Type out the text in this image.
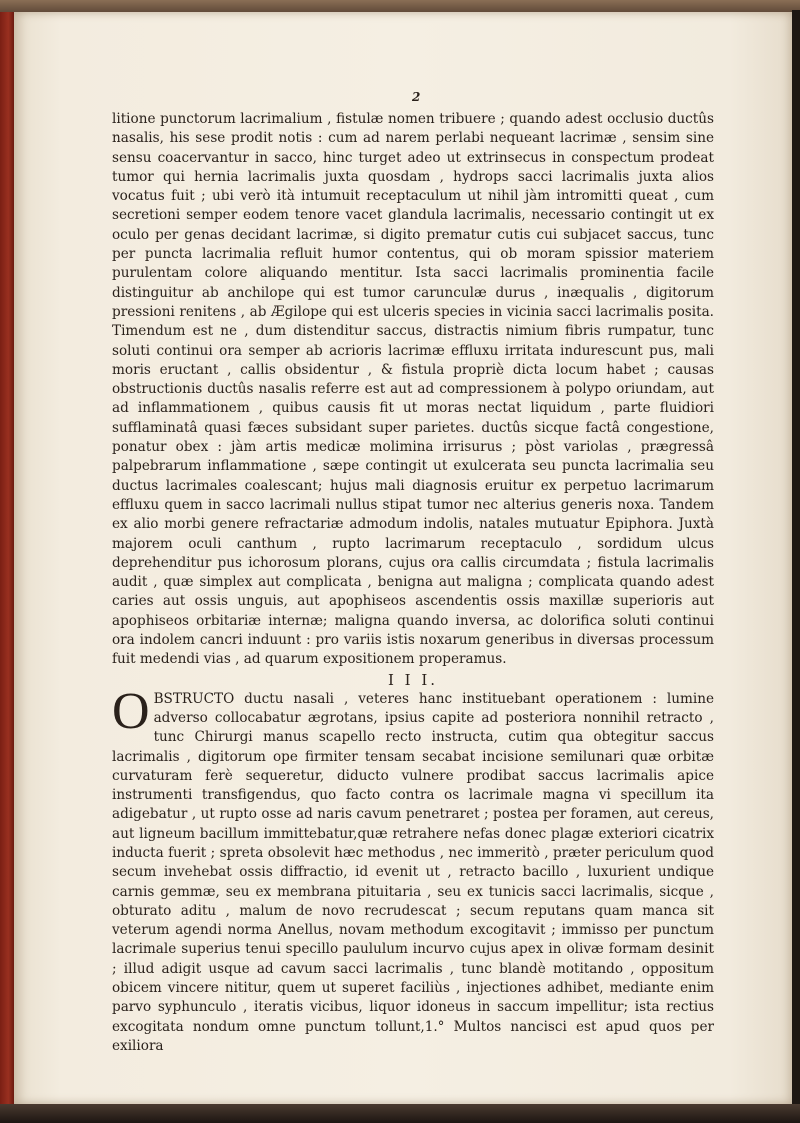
2

litione punctorum lacrimalium , fistulæ nomen tribuere ; quando adest occlusio ductûs nasalis, his sese prodit notis : cum ad narem perlabi nequeant lacrimæ , sensim sine sensu coacervantur in sacco, hinc turget adeo ut extrinsecus in conspectum prodeat tumor qui hernia lacrimalis juxta quosdam , hydrops sacci lacrimalis juxta alios vocatus fuit ; ubi verò ità intumuit receptaculum ut nihil jàm intromitti queat , cum secretioni semper eodem tenore vacet glandula lacrimalis, necessario contingit ut ex oculo per genas decidant lacrimæ, si digito prematur cutis cui subjacet saccus, tunc per puncta lacrimalia refluit humor contentus, qui ob moram spissior materiem purulentam colore aliquando mentitur. Ista sacci lacrimalis prominentia facile distinguitur ab anchilope qui est tumor carunculæ durus , inæqualis , digitorum pressioni renitens , ab Ægilope qui est ulceris species in vicinia sacci lacrimalis posita. Timendum est ne , dum distenditur saccus, distractis nimium fibris rumpatur, tunc soluti continui ora semper ab acrioris lacrimæ effluxu irritata indurescunt pus, mali moris eructant , callis obsidentur , & fistula propriè dicta locum habet ; causas obstructionis ductûs nasalis referre est aut ad compressionem à polypo oriundam, aut ad inflammationem , quibus causis fit ut moras nectat liquidum , parte fluidiori sufflaminatâ quasi fæces subsidant super parietes. ductûs sicque factâ congestione, ponatur obex : jàm artis medicæ molimina irrisurus ; pòst variolas , prægressâ palpebrarum inflammatione , sæpe contingit ut exulcerata seu puncta lacrimalia seu ductus lacrimales coalescant; hujus mali diagnosis eruitur ex perpetuo lacrimarum effluxu quem in sacco lacrimali nullus stipat tumor nec alterius generis noxa. Tandem ex alio morbi genere refractariæ admodum indolis, natales mutuatur Epiphora. Juxtà majorem oculi canthum , rupto lacrimarum receptaculo , sordidum ulcus deprehenditur pus ichorosum plorans, cujus ora callis circumdata ; fistula lacrimalis audit , quæ simplex aut complicata , benigna aut maligna ; complicata quando adest caries aut ossis unguis, aut apophiseos ascendentis ossis maxillæ superioris aut apophiseos orbitariæ internæ; maligna quando inversa, ac dolorifica soluti continui ora indolem cancri induunt : pro variis istis noxarum generibus in diversas processum fuit medendi vias , ad quarum expositionem properamus.

I I I.

OBSTRUCTO ductu nasali , veteres hanc instituebant operationem : lumine adverso collocabatur ægrotans, ipsius capite ad posteriora nonnihil retracto , tunc Chirurgi manus scapello recto instructa, cutim qua obtegitur saccus lacrimalis , digitorum ope firmiter tensam secabat incisione semilunari quæ orbitæ curvaturam ferè sequeretur, diducto vulnere prodibat saccus lacrimalis apice instrumenti transfigendus, quo facto contra os lacrimale magna vi specillum ita adigebatur , ut rupto osse ad naris cavum penetraret ; postea per foramen, aut cereus, aut ligneum bacillum immittebatur,quæ retrahere nefas donec plagæ exteriori cicatrix inducta fuerit ; spreta obsolevit hæc methodus , nec immeritò , præter periculum quod secum invehebat ossis diffractio, id evenit ut , retracto bacillo , luxurient undique carnis gemmæ, seu ex membrana pituitaria , seu ex tunicis sacci lacrimalis, sicque , obturato aditu , malum de novo recrudescat ; secum reputans quam manca sit veterum agendi norma Anellus, novam methodum excogitavit ; immisso per punctum lacrimale superius tenui specillo paululum incurvo cujus apex in olivæ formam desinit ; illud adigit usque ad cavum sacci lacrimalis , tunc blandè motitando , oppositum obicem vincere nititur, quem ut superet faciliùs , injectiones adhibet, mediante enim parvo syphunculo , iteratis vicibus, liquor idoneus in saccum impellitur; ista rectius excogitata nondum omne punctum tollunt,1.° Multos nancisci est apud quos per exiliora
